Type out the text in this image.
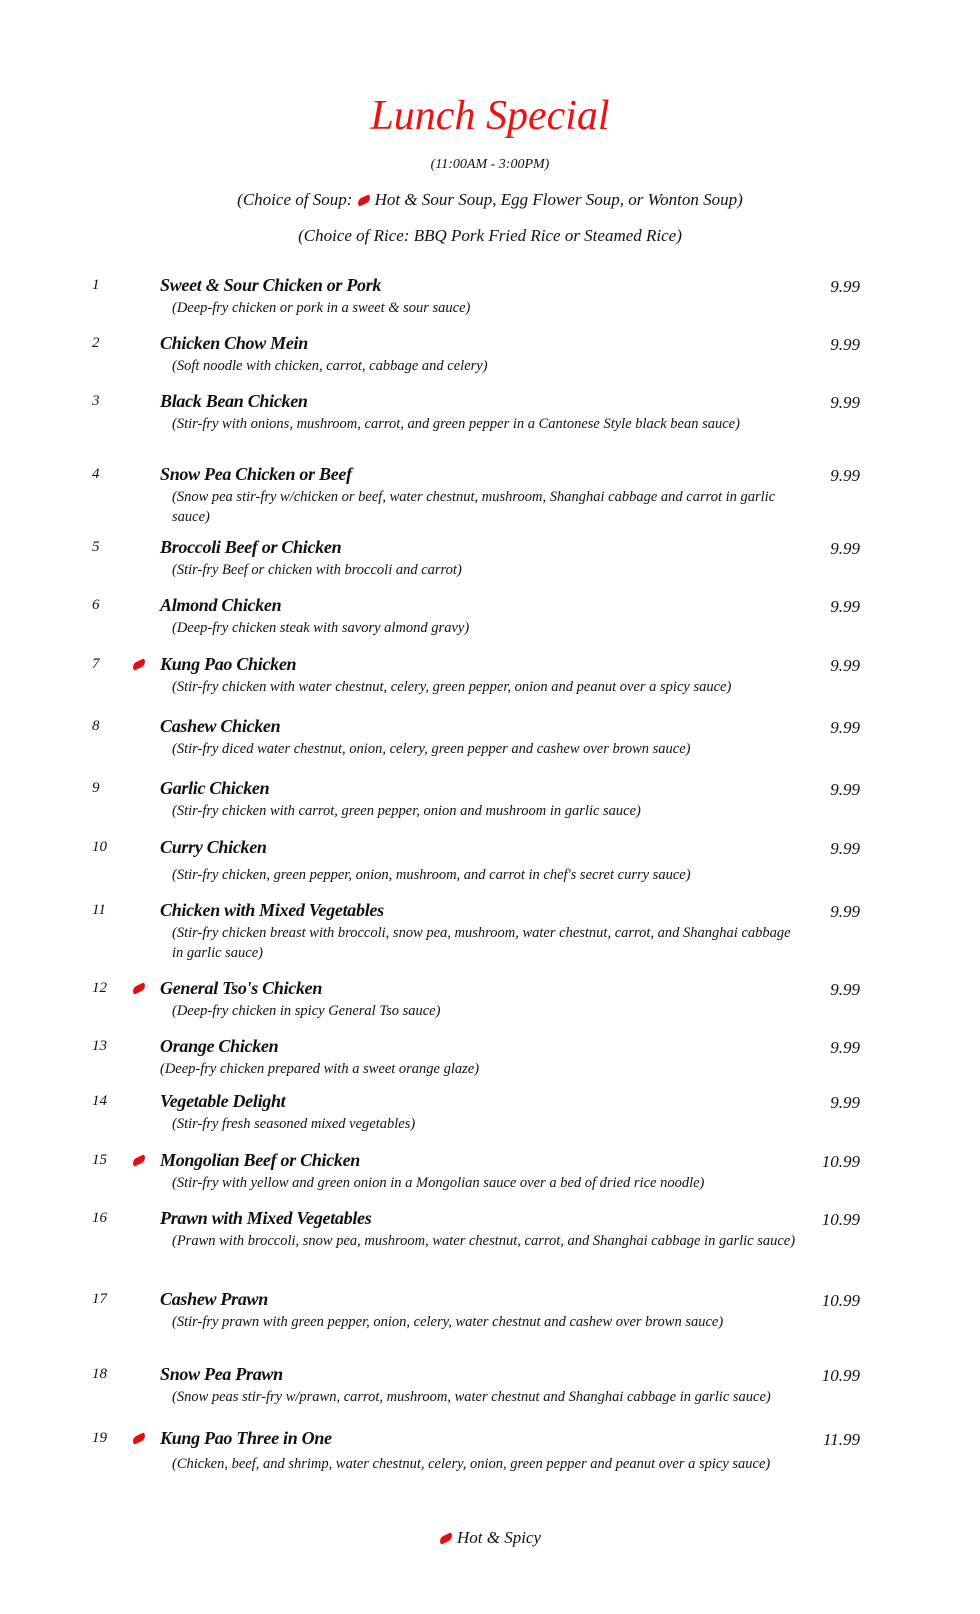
Lunch Special
(11:00AM - 3:00PM)
(Choice of Soup: Hot & Sour Soup, Egg Flower Soup, or Wonton Soup)
(Choice of Rice: BBQ Pork Fried Rice or Steamed Rice)
1	Sweet & Sour Chicken or Pork	9.99
(Deep-fry chicken or pork in a sweet & sour sauce)
2	Chicken Chow Mein	9.99
(Soft noodle with chicken, carrot, cabbage and celery)
3	Black Bean Chicken	9.99
(Stir-fry with onions, mushroom, carrot, and green pepper in a Cantonese Style black bean sauce)
4	Snow Pea Chicken or Beef	9.99
(Snow pea stir-fry w/chicken or beef, water chestnut, mushroom, Shanghai cabbage and carrot in garlic sauce)
5	Broccoli Beef or Chicken	9.99
(Stir-fry Beef or chicken with broccoli and carrot)
6	Almond Chicken	9.99
(Deep-fry chicken steak with savory almond gravy)
7	Kung Pao Chicken	9.99
(Stir-fry chicken with water chestnut, celery, green pepper, onion and peanut over a spicy sauce)
8	Cashew Chicken	9.99
(Stir-fry diced water chestnut, onion, celery, green pepper and cashew over brown sauce)
9	Garlic Chicken	9.99
(Stir-fry chicken with carrot, green pepper, onion and mushroom in garlic sauce)
10	Curry Chicken	9.99
(Stir-fry chicken, green pepper, onion, mushroom, and carrot in chef's secret curry sauce)
11	Chicken with Mixed Vegetables	9.99
(Stir-fry chicken breast with broccoli, snow pea, mushroom, water chestnut, carrot, and Shanghai cabbage in garlic sauce)
12	General Tso's Chicken	9.99
(Deep-fry chicken in spicy General Tso sauce)
13	Orange Chicken	9.99
(Deep-fry chicken prepared with a sweet orange glaze)
14	Vegetable Delight	9.99
(Stir-fry fresh seasoned mixed vegetables)
15	Mongolian Beef or Chicken	10.99
(Stir-fry with yellow and green onion in a Mongolian sauce over a bed of dried rice noodle)
16	Prawn with Mixed Vegetables	10.99
(Prawn with broccoli, snow pea, mushroom, water chestnut, carrot, and Shanghai cabbage in garlic sauce)
17	Cashew Prawn	10.99
(Stir-fry prawn with green pepper, onion, celery, water chestnut and cashew over brown sauce)
18	Snow Pea Prawn	10.99
(Snow peas stir-fry w/prawn, carrot, mushroom, water chestnut and Shanghai cabbage in garlic sauce)
19	Kung Pao Three in One	11.99
(Chicken, beef, and shrimp, water chestnut, celery, onion, green pepper and peanut over a spicy sauce)
Hot & Spicy
